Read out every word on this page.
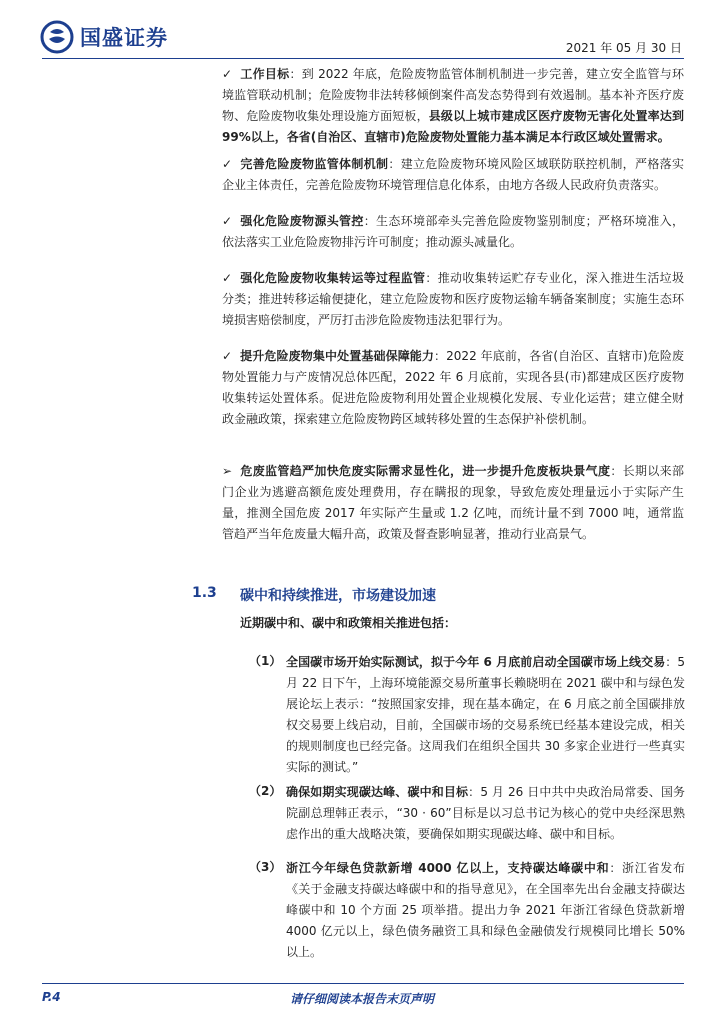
国盛证券	2021 年 05 月 30 日

✓ 工作目标：到 2022 年底，危险废物监管体制机制进一步完善，建立安全监管与环境监管联动机制；危险废物非法转移倾倒案件高发态势得到有效遏制。基本补齐医疗废物、危险废物收集处理设施方面短板，县级以上城市建成区医疗废物无害化处置率达到 99%以上，各省(自治区、直辖市)危险废物处置能力基本满足本行政区域处置需求。

✓ 完善危险废物监管体制机制：建立危险废物环境风险区域联防联控机制，严格落实企业主体责任，完善危险废物环境管理信息化体系，由地方各级人民政府负责落实。

✓ 强化危险废物源头管控：生态环境部牵头完善危险废物鉴别制度；严格环境准入，依法落实工业危险废物排污许可制度；推动源头减量化。

✓ 强化危险废物收集转运等过程监管：推动收集转运贮存专业化，深入推进生活垃圾分类；推进转移运输便捷化，建立危险废物和医疗废物运输车辆备案制度；实施生态环境损害赔偿制度，严厉打击涉危险废物违法犯罪行为。

✓ 提升危险废物集中处置基础保障能力：2022 年底前，各省(自治区、直辖市)危险废物处置能力与产废情况总体匹配，2022 年 6 月底前，实现各县(市)都建成区医疗废物收集转运处置体系。促进危险废物利用处置企业规模化发展、专业化运营；建立健全财政金融政策，探索建立危险废物跨区域转移处置的生态保护补偿机制。

➢ 危废监管趋严加快危废实际需求显性化，进一步提升危废板块景气度：长期以来部门企业为逃避高额危废处理费用，存在瞒报的现象，导致危废处理量远小于实际产生量，推测全国危废 2017 年实际产生量或 1.2 亿吨，而统计量不到 7000 吨，通常监管趋严当年危废量大幅升高，政策及督查影响显著，推动行业高景气。

1.3 碳中和持续推进，市场建设加速
近期碳中和、碳中和政策相关推进包括：
（1） 全国碳市场开始实际测试，拟于今年 6 月底前启动全国碳市场上线交易：5 月 22 日下午，上海环境能源交易所董事长赖晓明在 2021 碳中和与绿色发展论坛上表示：“按照国家安排，现在基本确定，在 6 月底之前全国碳排放权交易要上线启动，目前，全国碳市场的交易系统已经基本建设完成，相关的规则制度也已经完备。这周我们在组织全国共 30 多家企业进行一些真实实际的测试。”
（2） 确保如期实现碳达峰、碳中和目标：5 月 26 日中共中央政治局常委、国务院副总理韩正表示，“30 · 60”目标是以习总书记为核心的党中央经深思熟虑作出的重大战略决策，要确保如期实现碳达峰、碳中和目标。
（3） 浙江今年绿色贷款新增 4000 亿以上，支持碳达峰碳中和：浙江省发布《关于金融支持碳达峰碳中和的指导意见》，在全国率先出台金融支持碳达峰碳中和 10 个方面 25 项举措。提出力争 2021 年浙江省绿色贷款新增 4000 亿元以上，绿色债务融资工具和绿色金融债发行规模同比增长 50%以上。
P.4	请仔细阅读本报告末页声明
